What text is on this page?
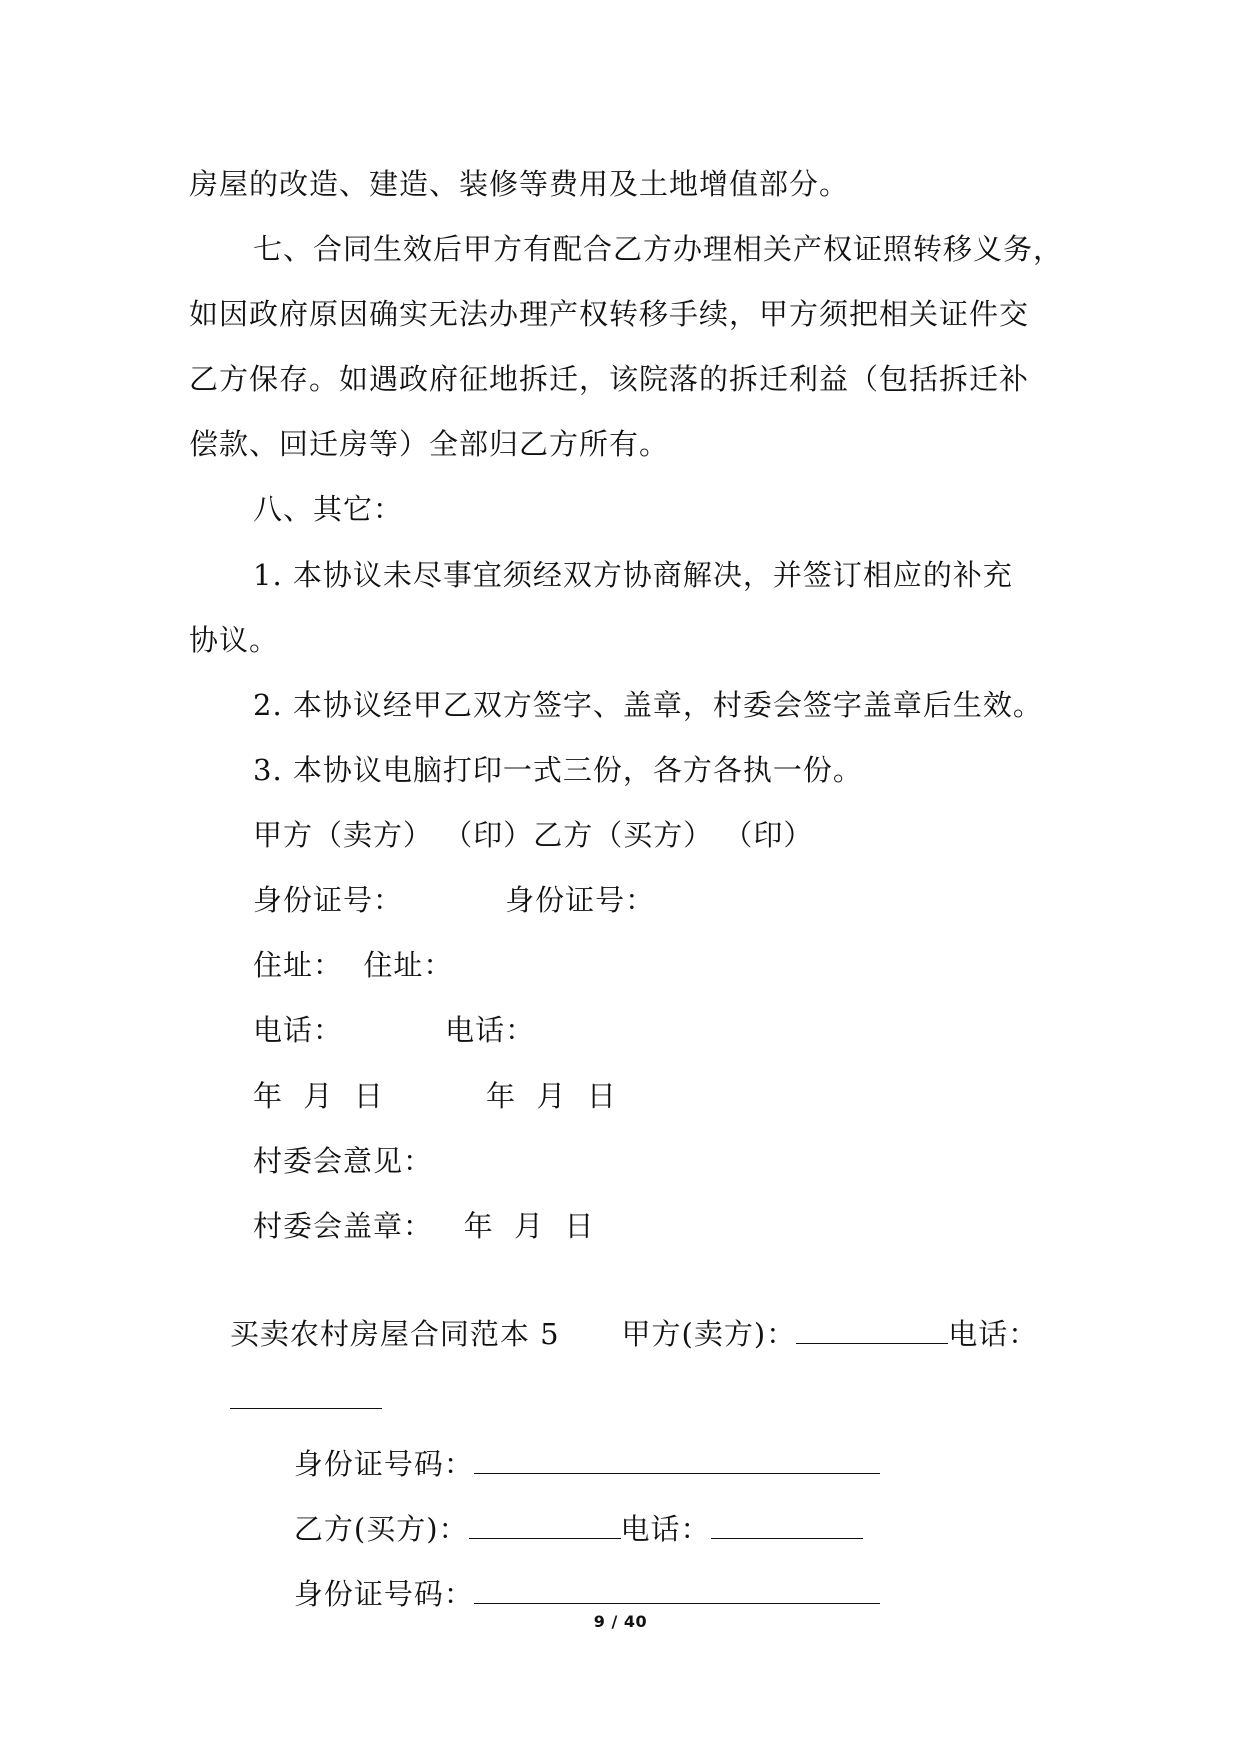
房屋的改造、建造、装修等费用及土地增值部分。
七、合同生效后甲方有配合乙方办理相关产权证照转移义务，
如因政府原因确实无法办理产权转移手续，甲方须把相关证件交
乙方保存。如遇政府征地拆迁，该院落的拆迁利益（包括拆迁补
偿款、回迁房等）全部归乙方所有。
八、其它：
1. 本协议未尽事宜须经双方协商解决，并签订相应的补充
协议。
2. 本协议经甲乙双方签字、盖章，村委会签字盖章后生效。
3. 本协议电脑打印一式三份，各方各执一份。
甲方（卖方） （印）乙方（买方） （印）
身份证号：          身份证号：
住址：  住址：
电话：          电话：
年  月  日          年  月  日
村委会意见：
村委会盖章：   年  月  日

买卖农村房屋合同范本 5 甲方(卖方)：	电话：

身份证号码：

乙方(买方)：	电话：

身份证号码：

9 / 40
